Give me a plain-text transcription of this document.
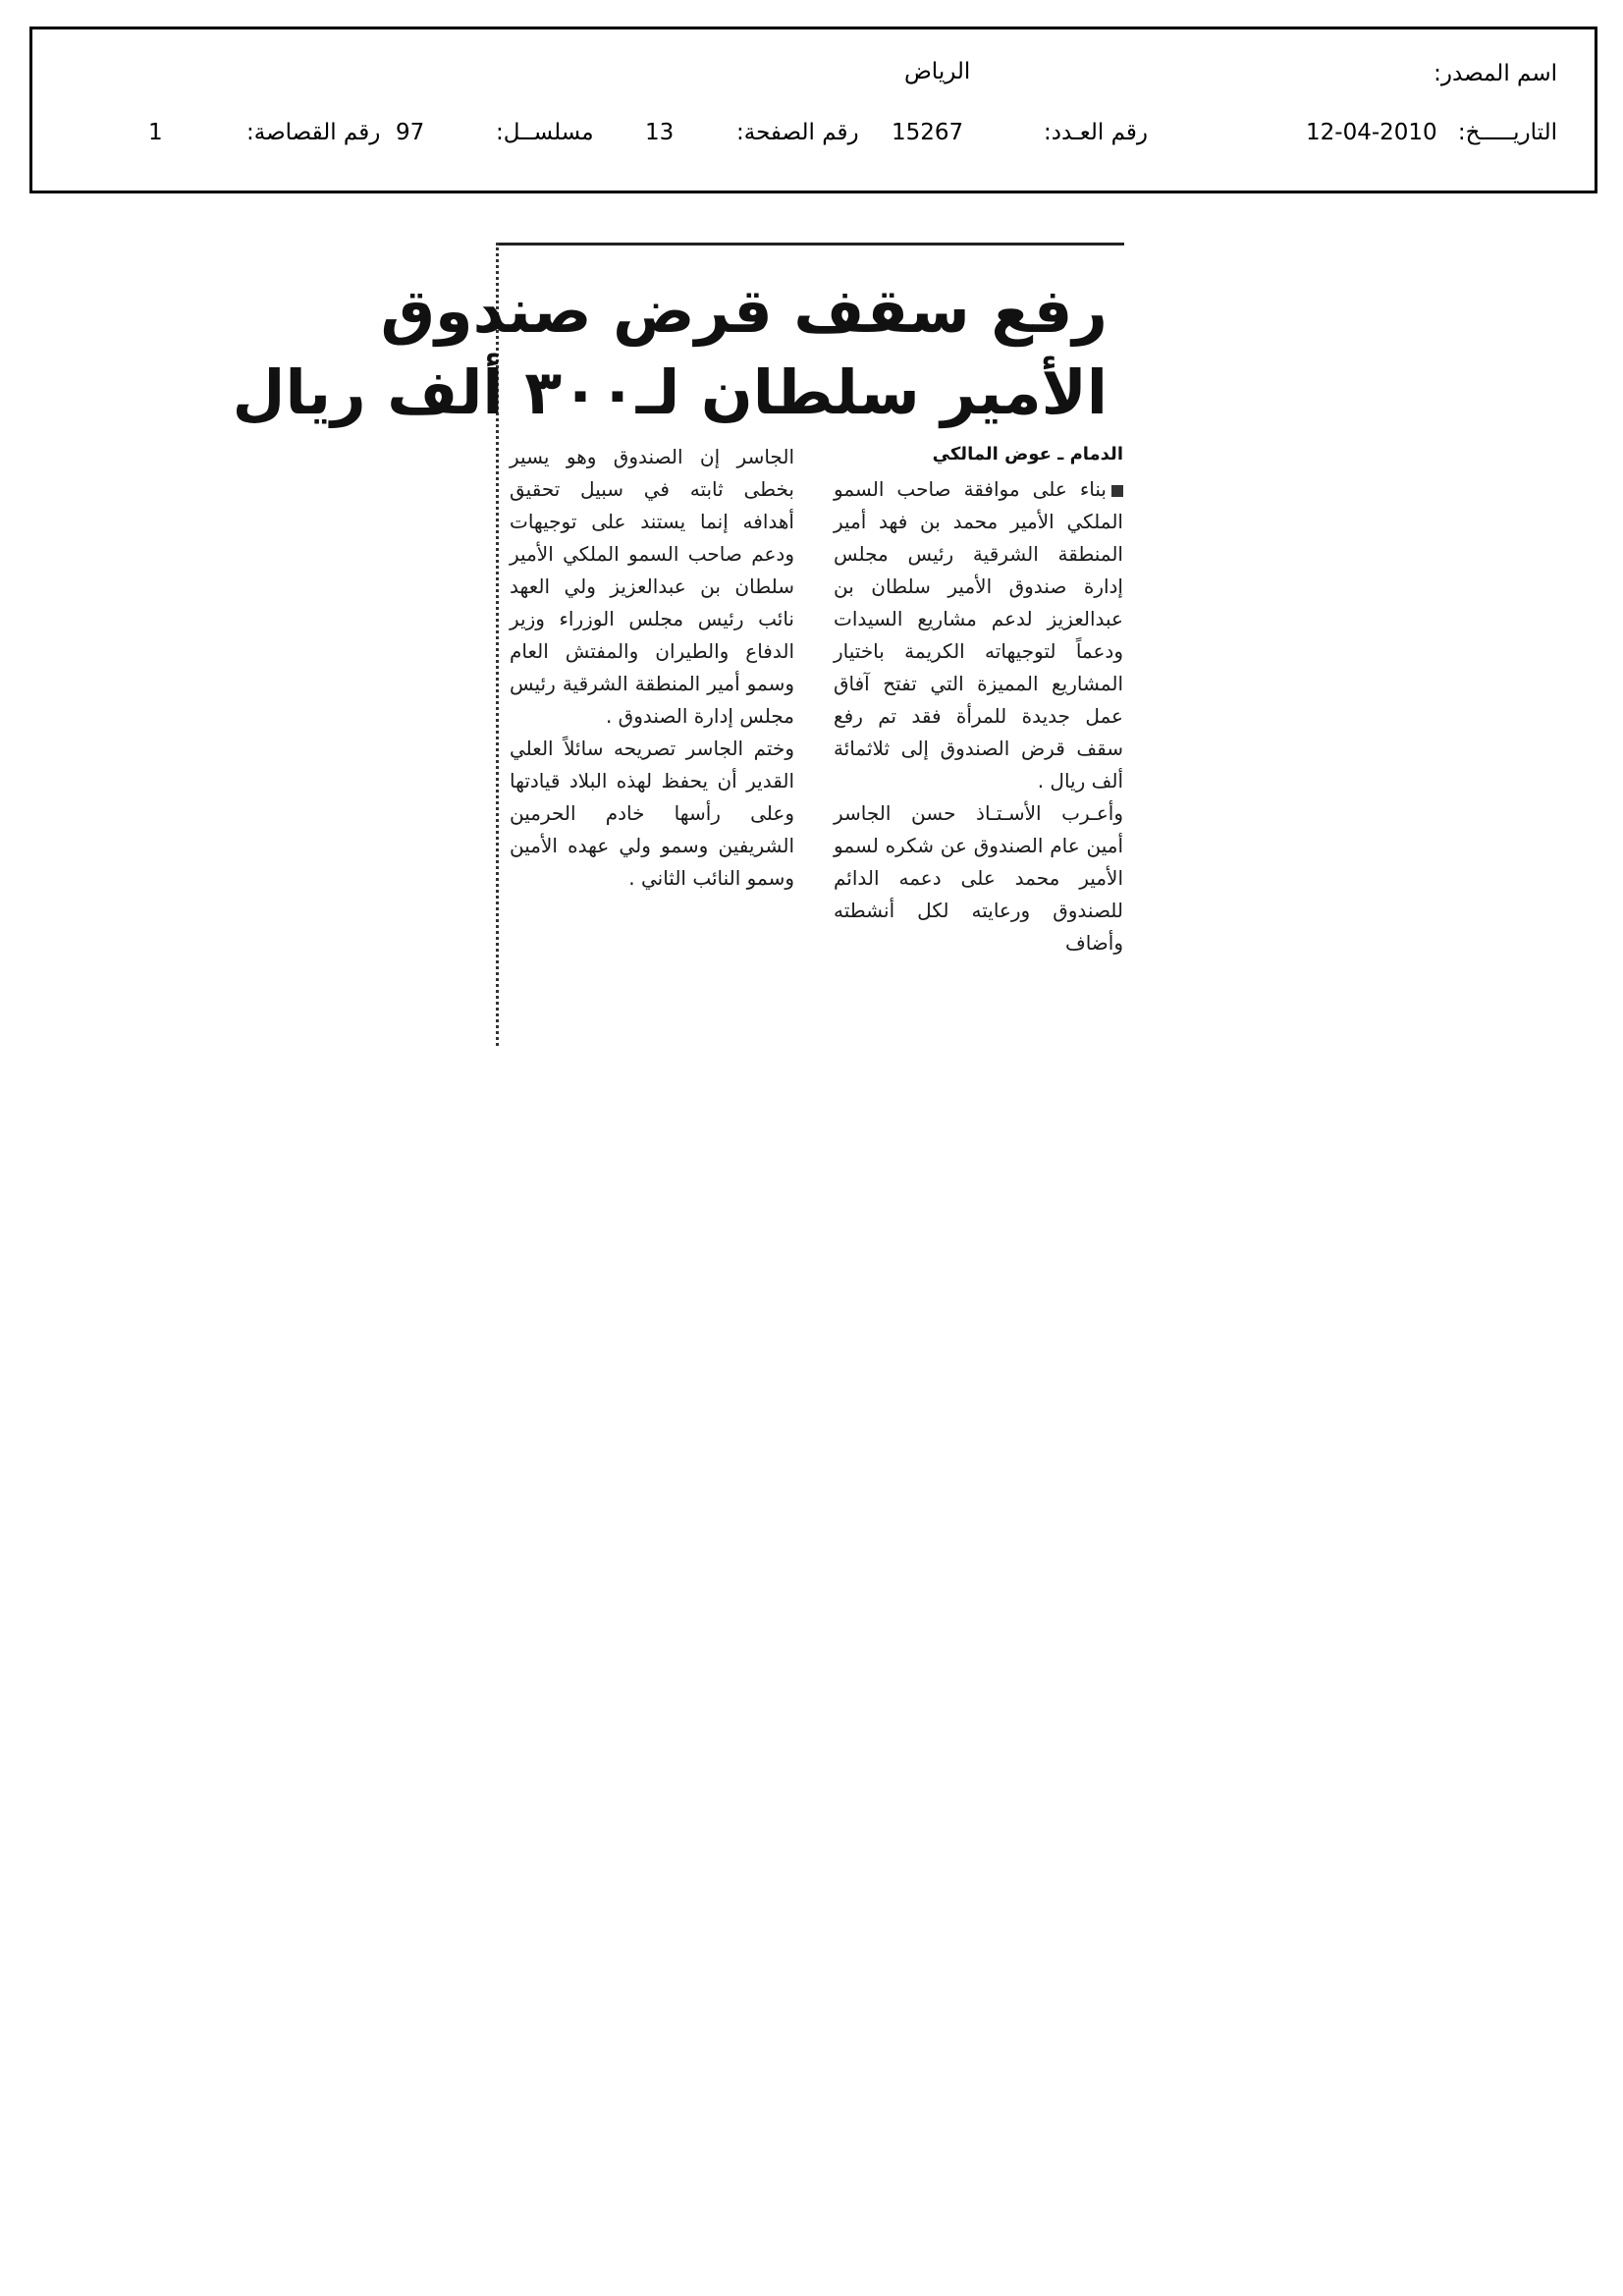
اسم المصدر:
الرياض
التاريـــــخ:
12-04-2010
رقم العـدد:
15267
رقم الصفحة:
13
مسلســل:
97
رقم القصاصة:
1
رفع سقف قرض صندوق
الأمير سلطان لـ٣٠٠ ألف ريال
الدمام ـ عوض المالكي

بناء على موافقة صاحب السمو الملكي الأمير محمد بن فهد أمير المنطقة الشرقية رئيس مجلس إدارة صندوق الأمير سلطان بن عبدالعزيز لدعم مشاريع السيدات ودعماً لتوجيهاته الكريمة باختيار المشاريع المميزة التي تفتح آفاق عمل جديدة للمرأة فقد تم رفع سقف قرض الصندوق إلى ثلاثمائة ألف ريال .

وأعـرب الأسـتـاذ حسن الجاسر أمين عام الصندوق عن شكره لسمو الأمير محمد على دعمه الدائم للصندوق ورعايته لكل أنشطته وأضاف

الجاسر إن الصندوق وهو يسير بخطى ثابته في سبيل تحقيق أهدافه إنما يستند على توجيهات ودعم صاحب السمو الملكي الأمير سلطان بن عبدالعزيز ولي العهد نائب رئيس مجلس الوزراء وزير الدفاع والطيران والمفتش العام وسمو أمير المنطقة الشرقية رئيس مجلس إدارة الصندوق .

وختم الجاسر تصريحه سائلاً العلي القدير أن يحفظ لهذه البلاد قيادتها وعلى رأسها خادم الحرمين الشريفين وسمو ولي عهده الأمين وسمو النائب الثاني .
